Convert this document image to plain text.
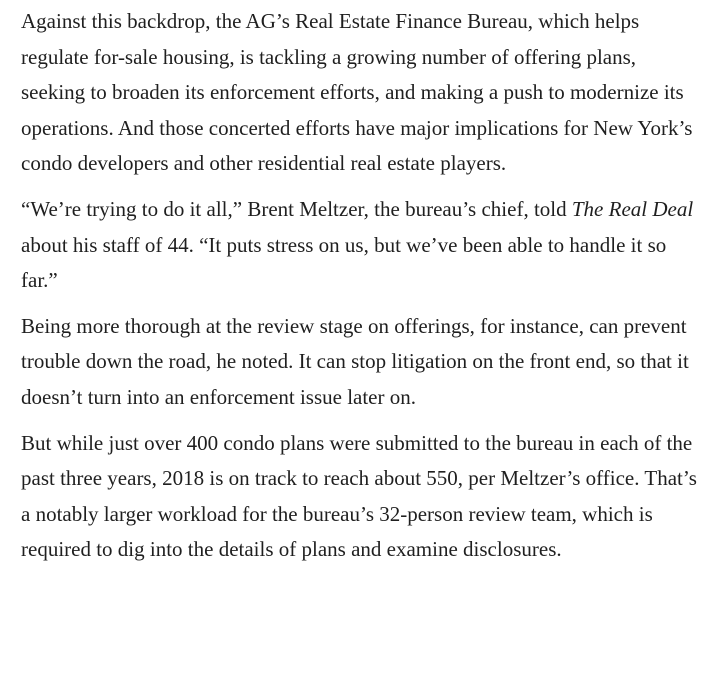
Against this backdrop, the AG’s Real Estate Finance Bureau, which helps regulate for-sale housing, is tackling a growing number of offering plans, seeking to broaden its enforcement efforts, and making a push to modernize its operations. And those concerted efforts have major implications for New York’s condo developers and other residential real estate players.

“We’re trying to do it all,” Brent Meltzer, the bureau’s chief, told The Real Deal about his staff of 44. “It puts stress on us, but we’ve been able to handle it so far.”

Being more thorough at the review stage on offerings, for instance, can prevent trouble down the road, he noted. It can stop litigation on the front end, so that it doesn’t turn into an enforcement issue later on.

But while just over 400 condo plans were submitted to the bureau in each of the past three years, 2018 is on track to reach about 550, per Meltzer’s office. That’s a notably larger workload for the bureau’s 32-person review team, which is required to dig into the details of plans and examine disclosures.
